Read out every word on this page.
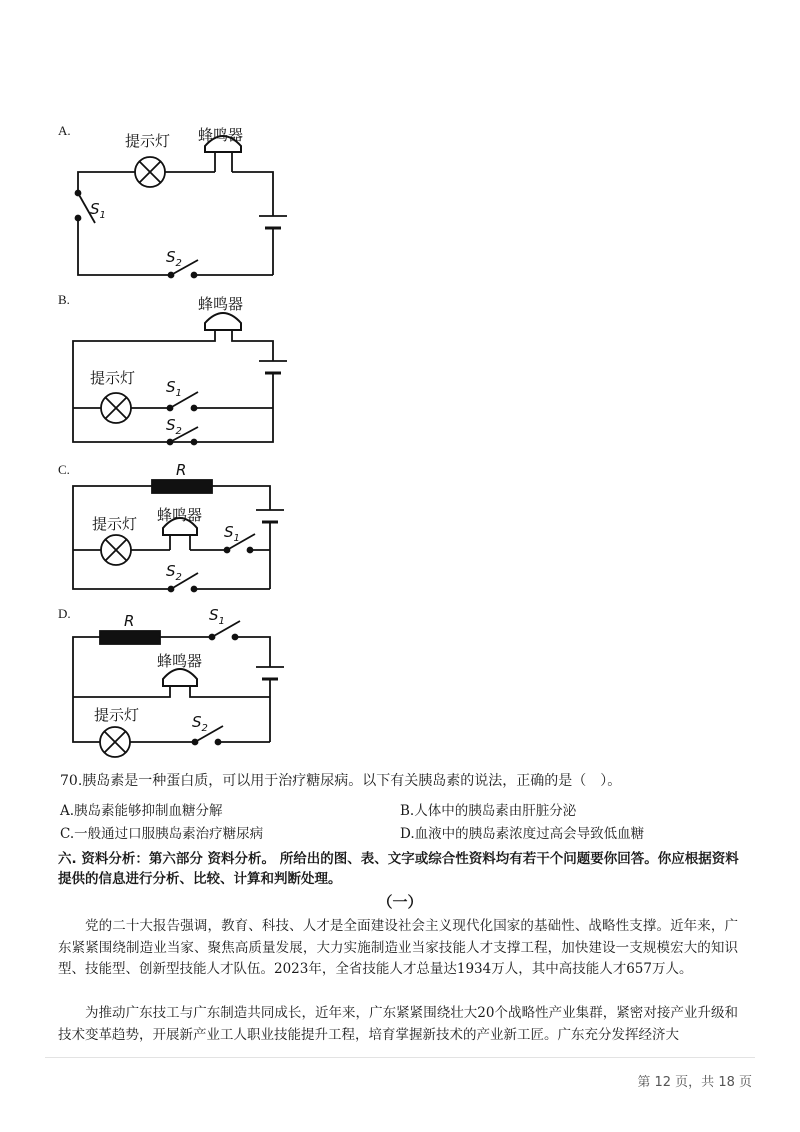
A.
B.
C.
D.
提示灯 蜂鸣器
$S_1$
$S_2$
蜂鸣器
提示灯 $S_1$
$S_2$
R
提示灯 蜂鸣器
$S_1$
$S_2$
R	$S_1$
蜂鸣器
提示灯	$S_2$
70.胰岛素是一种蛋白质，可以用于治疗糖尿病。以下有关胰岛素的说法，正确的是（　）。
A.胰岛素能够抑制血糖分解	B.人体中的胰岛素由肝脏分泌
C.一般通过口服胰岛素治疗糖尿病	D.血液中的胰岛素浓度过高会导致低血糖
六. 资料分析：第六部分 资料分析。 所给出的图、表、文字或综合性资料均有若干个问题要你回答。你应根据资料提供的信息进行分析、比较、计算和判断处理。
（一）
党的二十大报告强调，教育、科技、人才是全面建设社会主义现代化国家的基础性、战略性支撑。近年来，广东紧紧围绕制造业当家、聚焦高质量发展，大力实施制造业当家技能人才支撑工程，加快建设一支规模宏大的知识型、技能型、创新型技能人才队伍。2023年，全省技能人才总量达1934万人，其中高技能人才657万人。
为推动广东技工与广东制造共同成长，近年来，广东紧紧围绕壮大20个战略性产业集群，紧密对接产业升级和技术变革趋势，开展新产业工人职业技能提升工程，培育掌握新技术的产业新工匠。广东充分发挥经济大
第 12 页，共 18 页
